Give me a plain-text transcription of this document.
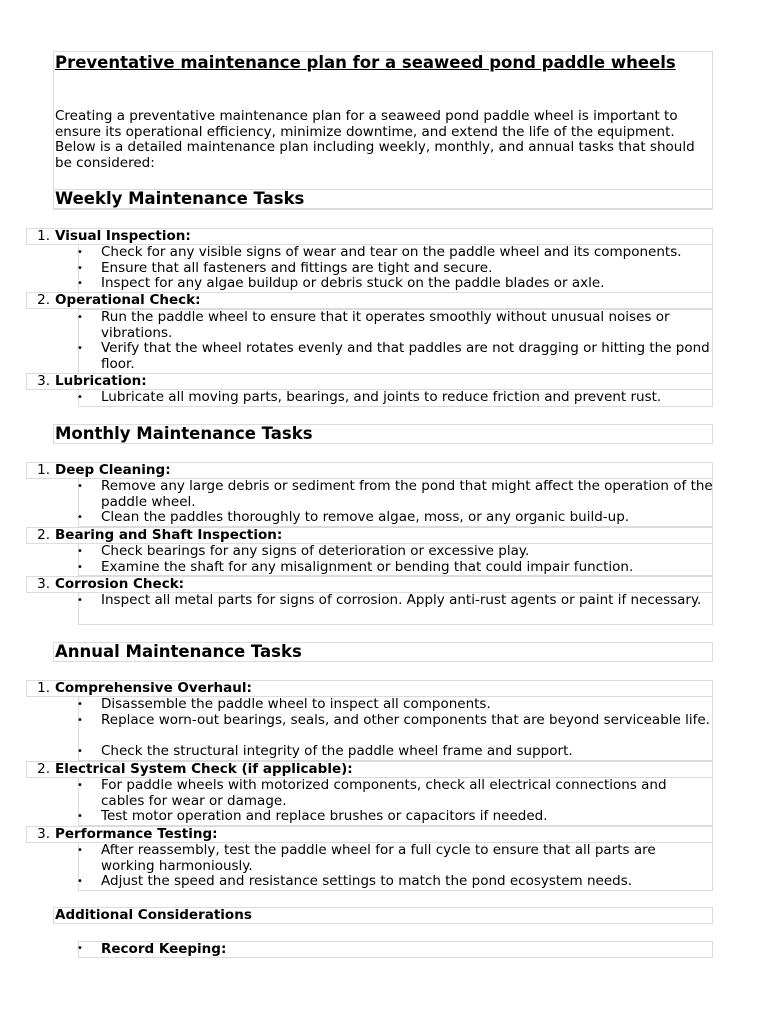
Preventative maintenance plan for a seaweed pond paddle wheels

Creating a preventative maintenance plan for a seaweed pond paddle wheel is important to ensure its operational efficiency, minimize downtime, and extend the life of the equipment. Below is a detailed maintenance plan including weekly, monthly, and annual tasks that should be considered:

Weekly Maintenance Tasks
1. Visual Inspection:
• Check for any visible signs of wear and tear on the paddle wheel and its components.
• Ensure that all fasteners and fittings are tight and secure.
• Inspect for any algae buildup or debris stuck on the paddle blades or axle.
2. Operational Check:
• Run the paddle wheel to ensure that it operates smoothly without unusual noises or vibrations.
• Verify that the wheel rotates evenly and that paddles are not dragging or hitting the pond floor.
3. Lubrication:
• Lubricate all moving parts, bearings, and joints to reduce friction and prevent rust.
Monthly Maintenance Tasks
1. Deep Cleaning:
• Remove any large debris or sediment from the pond that might affect the operation of the paddle wheel.
• Clean the paddles thoroughly to remove algae, moss, or any organic build-up.
2. Bearing and Shaft Inspection:
• Check bearings for any signs of deterioration or excessive play.
• Examine the shaft for any misalignment or bending that could impair function.
3. Corrosion Check:
• Inspect all metal parts for signs of corrosion. Apply anti-rust agents or paint if necessary.
Annual Maintenance Tasks
1. Comprehensive Overhaul:
• Disassemble the paddle wheel to inspect all components.
• Replace worn-out bearings, seals, and other components that are beyond serviceable life.
• Check the structural integrity of the paddle wheel frame and support.
2. Electrical System Check (if applicable):
• For paddle wheels with motorized components, check all electrical connections and cables for wear or damage.
• Test motor operation and replace brushes or capacitors if needed.
3. Performance Testing:
• After reassembly, test the paddle wheel for a full cycle to ensure that all parts are working harmoniously.
• Adjust the speed and resistance settings to match the pond ecosystem needs.
Additional Considerations
• Record Keeping:
